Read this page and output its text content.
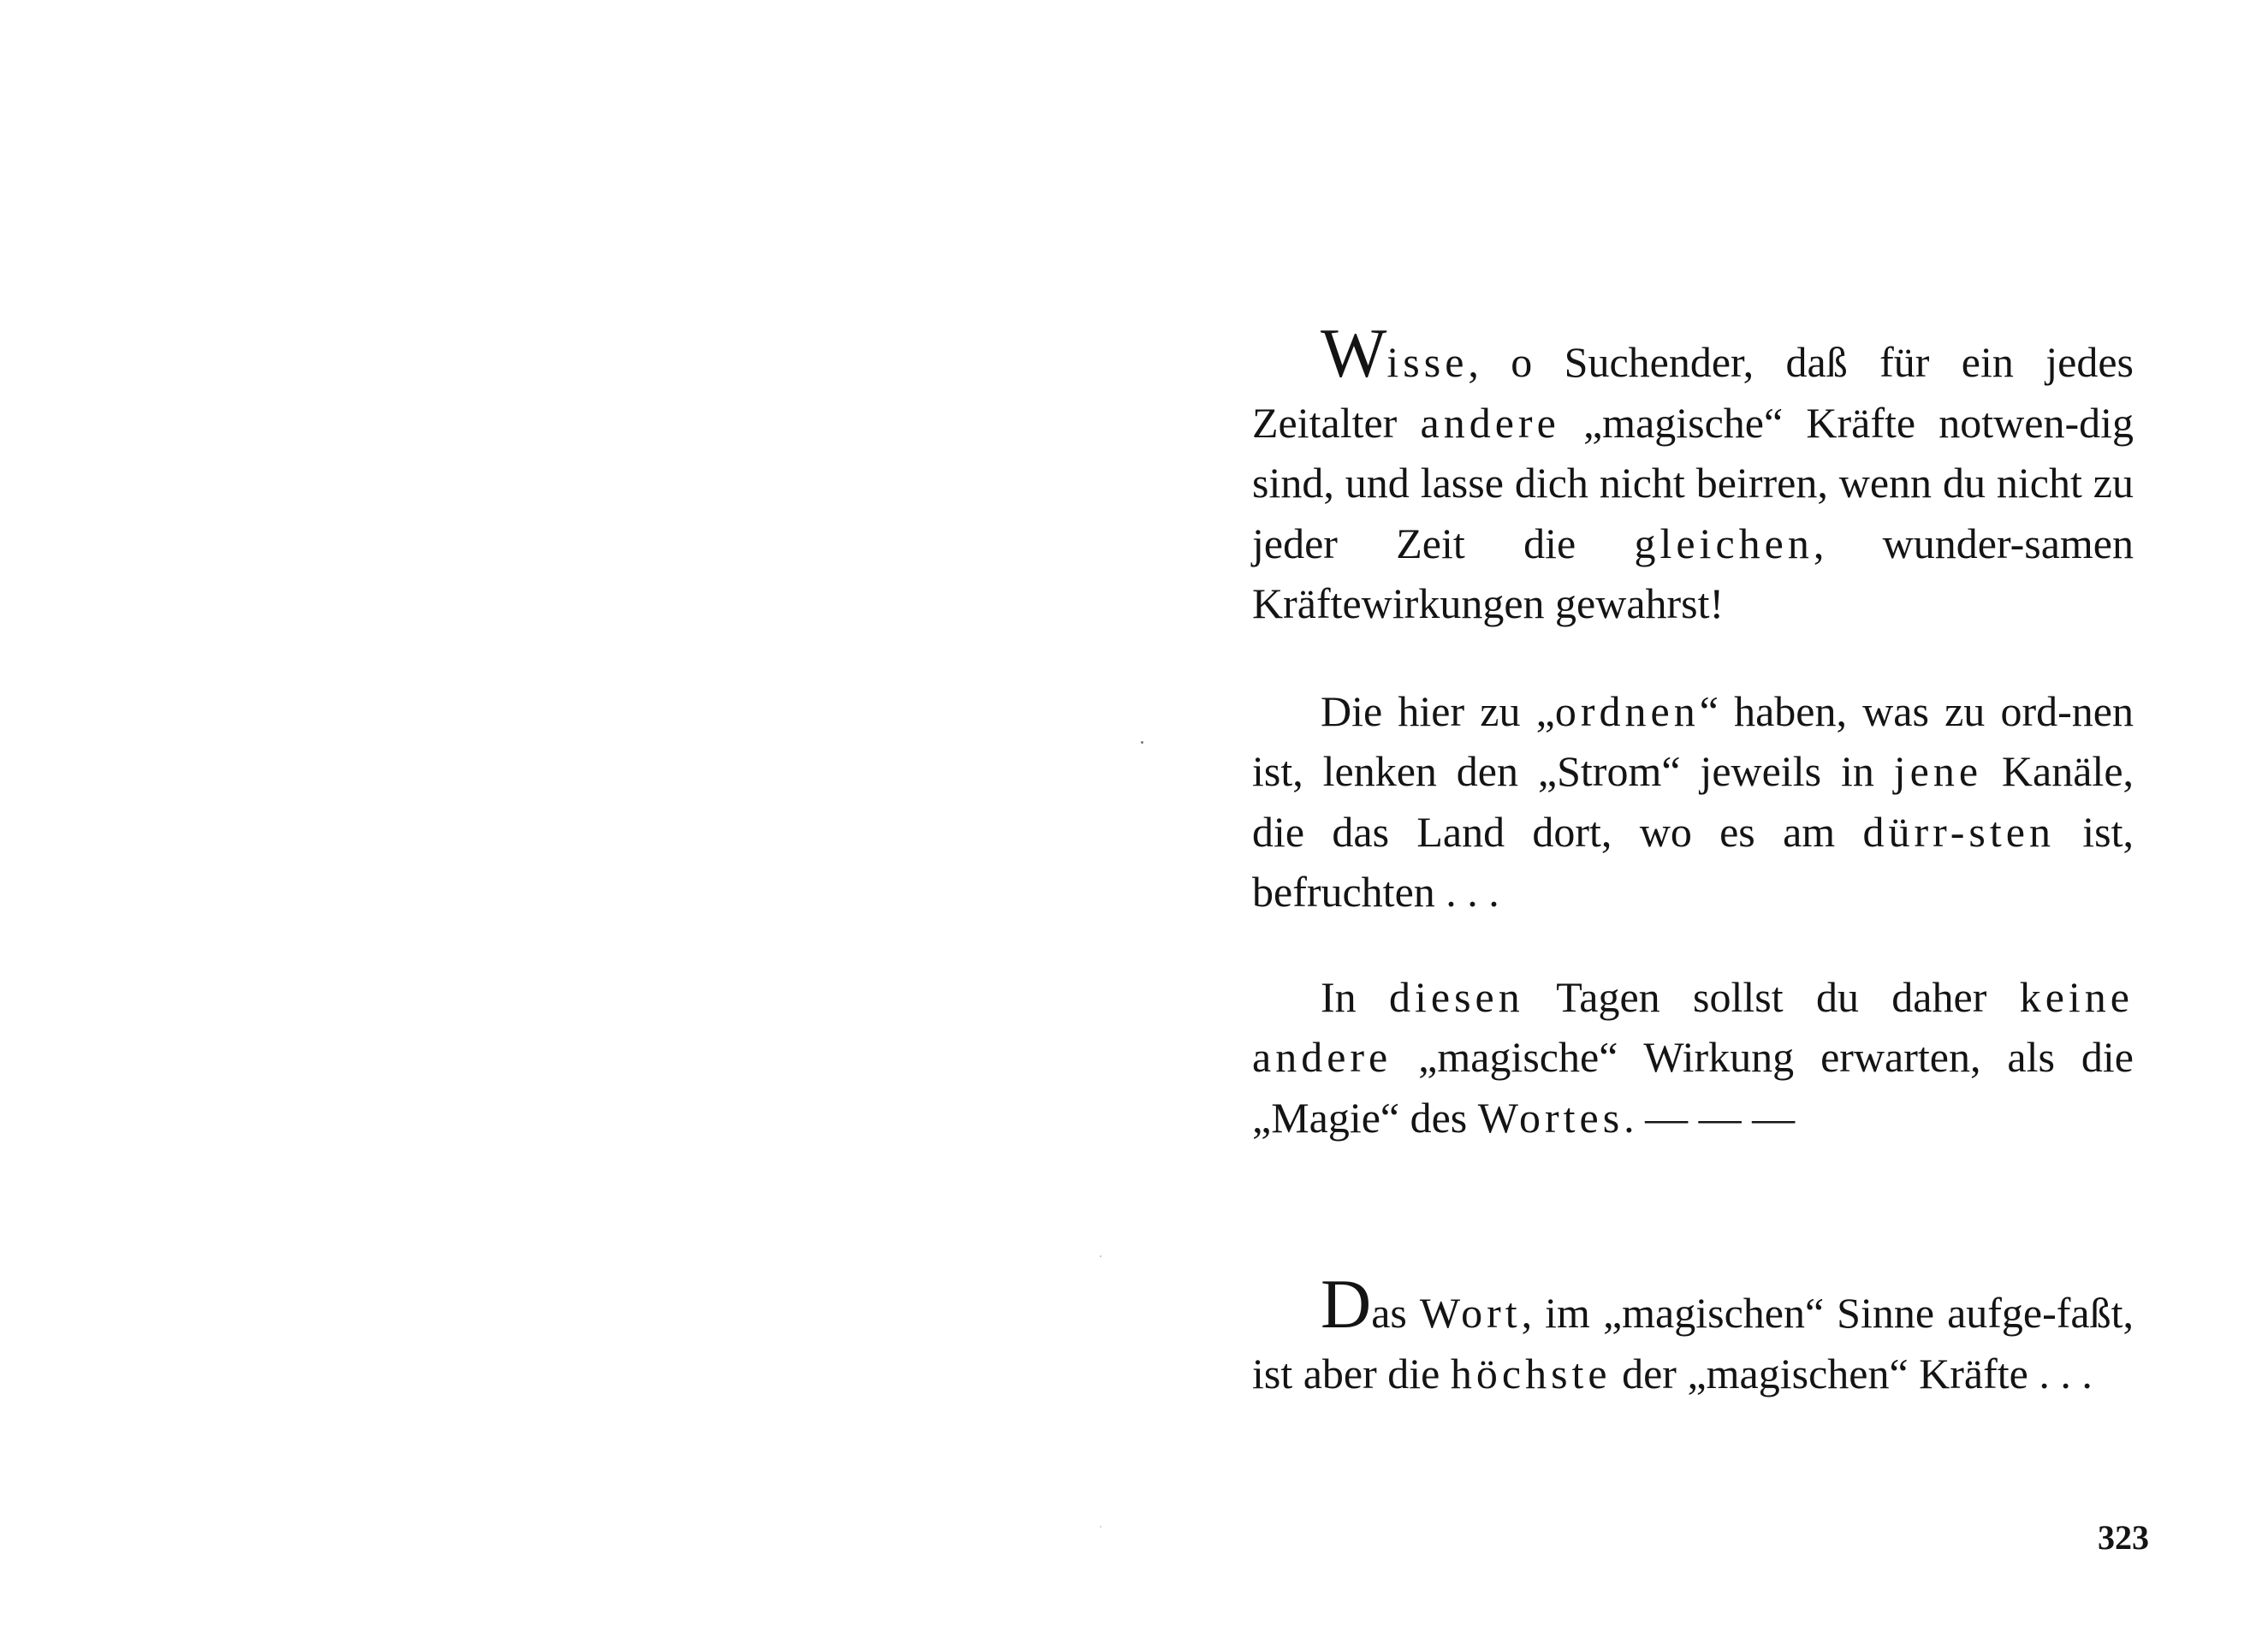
Wisse, o Suchender, daß für ein jedes Zeitalter andere „magische“ Kräfte notwen-dig sind, und lasse dich nicht beirren, wenn du nicht zu jeder Zeit die gleichen, wunder-samen Kräftewirkungen gewahrst!

Die hier zu „ordnen“ haben, was zu ord-nen ist, lenken den „Strom“ jeweils in jene Kanäle, die das Land dort, wo es am dürr-sten ist, befruchten . . .

In diesen Tagen sollst du daher keine andere „magische“ Wirkung erwarten, als die „Magie“ des Wortes. — — —

Das Wort, im „magischen“ Sinne aufge-faßt, ist aber die höchste der „magischen“ Kräfte . . .

323
